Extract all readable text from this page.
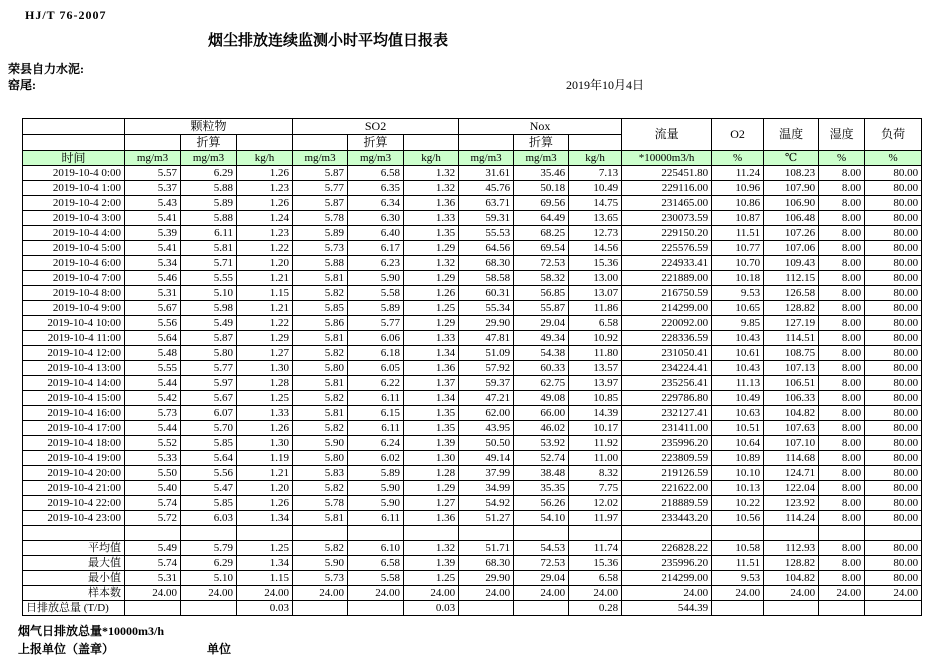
HJ/T 76-2007
烟尘排放连续监测小时平均值日报表
荣县自力水泥:
窑尾:	2019年10月4日
	颗粒物			SO2			Nox			流量	O2	温度	湿度	负荷
		折算			折算			折算						
时间	mg/m3	mg/m3	kg/h	mg/m3	mg/m3	kg/h	mg/m3	mg/m3	kg/h	*10000m3/h	%	℃	%	%
2019-10-4 0:00	5.57	6.29	1.26	5.87	6.58	1.32	31.61	35.46	7.13	225451.80	11.24	108.23	8.00	80.00
2019-10-4 1:00	5.37	5.88	1.23	5.77	6.35	1.32	45.76	50.18	10.49	229116.00	10.96	107.90	8.00	80.00
2019-10-4 2:00	5.43	5.89	1.26	5.87	6.34	1.36	63.71	69.56	14.75	231465.00	10.86	106.90	8.00	80.00
2019-10-4 3:00	5.41	5.88	1.24	5.78	6.30	1.33	59.31	64.49	13.65	230073.59	10.87	106.48	8.00	80.00
2019-10-4 4:00	5.39	6.11	1.23	5.89	6.40	1.35	55.53	68.25	12.73	229150.20	11.51	107.26	8.00	80.00
2019-10-4 5:00	5.41	5.81	1.22	5.73	6.17	1.29	64.56	69.54	14.56	225576.59	10.77	107.06	8.00	80.00
2019-10-4 6:00	5.34	5.71	1.20	5.88	6.23	1.32	68.30	72.53	15.36	224933.41	10.70	109.43	8.00	80.00
2019-10-4 7:00	5.46	5.55	1.21	5.81	5.90	1.29	58.58	58.32	13.00	221889.00	10.18	112.15	8.00	80.00
2019-10-4 8:00	5.31	5.10	1.15	5.82	5.58	1.26	60.31	56.85	13.07	216750.59	9.53	126.58	8.00	80.00
2019-10-4 9:00	5.67	5.98	1.21	5.85	5.89	1.25	55.34	55.87	11.86	214299.00	10.65	128.82	8.00	80.00
2019-10-4 10:00	5.56	5.49	1.22	5.86	5.77	1.29	29.90	29.04	6.58	220092.00	9.85	127.19	8.00	80.00
2019-10-4 11:00	5.64	5.87	1.29	5.81	6.06	1.33	47.81	49.34	10.92	228336.59	10.43	114.51	8.00	80.00
2019-10-4 12:00	5.48	5.80	1.27	5.82	6.18	1.34	51.09	54.38	11.80	231050.41	10.61	108.75	8.00	80.00
2019-10-4 13:00	5.55	5.77	1.30	5.80	6.05	1.36	57.92	60.33	13.57	234224.41	10.43	107.13	8.00	80.00
2019-10-4 14:00	5.44	5.97	1.28	5.81	6.22	1.37	59.37	62.75	13.97	235256.41	11.13	106.51	8.00	80.00
2019-10-4 15:00	5.42	5.67	1.25	5.82	6.11	1.34	47.21	49.08	10.85	229786.80	10.49	106.33	8.00	80.00
2019-10-4 16:00	5.73	6.07	1.33	5.81	6.15	1.35	62.00	66.00	14.39	232127.41	10.63	104.82	8.00	80.00
2019-10-4 17:00	5.44	5.70	1.26	5.82	6.11	1.35	43.95	46.02	10.17	231411.00	10.51	107.63	8.00	80.00
2019-10-4 18:00	5.52	5.85	1.30	5.90	6.24	1.39	50.50	53.92	11.92	235996.20	10.64	107.10	8.00	80.00
2019-10-4 19:00	5.33	5.64	1.19	5.80	6.02	1.30	49.14	52.74	11.00	223809.59	10.89	114.68	8.00	80.00
2019-10-4 20:00	5.50	5.56	1.21	5.83	5.89	1.28	37.99	38.48	8.32	219126.59	10.10	124.71	8.00	80.00
2019-10-4 21:00	5.40	5.47	1.20	5.82	5.90	1.29	34.99	35.35	7.75	221622.00	10.13	122.04	8.00	80.00
2019-10-4 22:00	5.74	5.85	1.26	5.78	5.90	1.27	54.92	56.26	12.02	218889.59	10.22	123.92	8.00	80.00
2019-10-4 23:00	5.72	6.03	1.34	5.81	6.11	1.36	51.27	54.10	11.97	233443.20	10.56	114.24	8.00	80.00

平均值	5.49	5.79	1.25	5.82	6.10	1.32	51.71	54.53	11.74	226828.22	10.58	112.93	8.00	80.00
最大值	5.74	6.29	1.34	5.90	6.58	1.39	68.30	72.53	15.36	235996.20	11.51	128.82	8.00	80.00
最小值	5.31	5.10	1.15	5.73	5.58	1.25	29.90	29.04	6.58	214299.00	9.53	104.82	8.00	80.00
样本数	24.00	24.00	24.00	24.00	24.00	24.00	24.00	24.00	24.00	24.00	24.00	24.00	24.00	24.00
日排放总量 (T/D)			0.03			0.03			0.28	544.39				
烟气日排放总量*10000m3/h
上报单位（盖章）	单位
